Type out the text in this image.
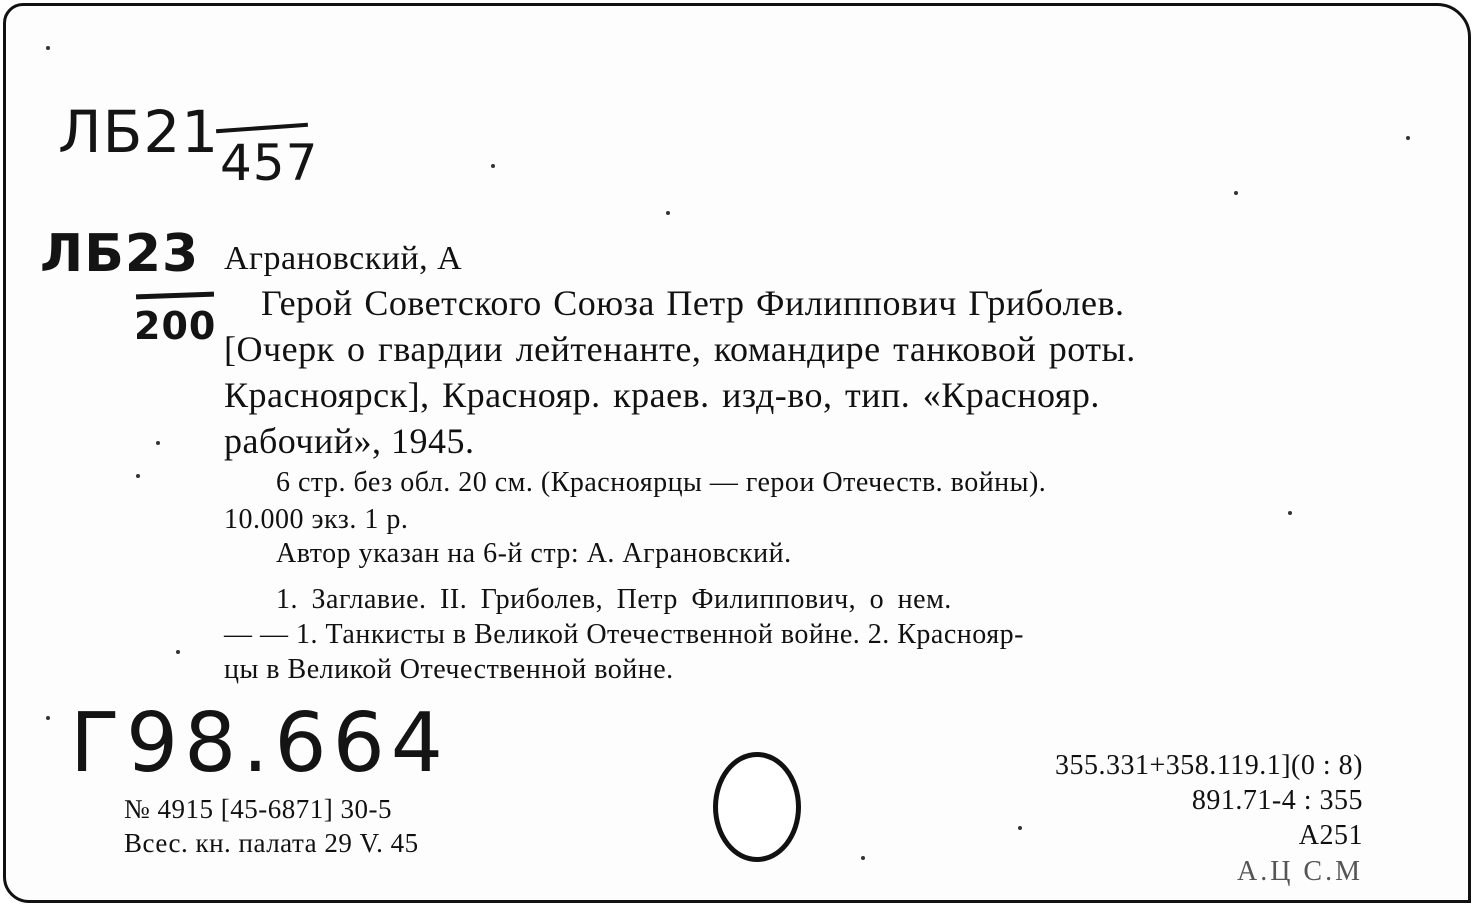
ЛБ21 457
ЛБ23
200
Аграновский, А
Герой Советского Союза Петр Филиппович Гриболев.
[Очерк о гвардии лейтенанте, командире танковой роты.
Красноярск], Краснояр. краев. изд-во, тип. «Краснояр.
рабочий», 1945.
6 стр. без обл. 20 см. (Красноярцы — герои Отечеств. войны).
10.000 экз. 1 р.
Автор указан на 6-й стр: А. Аграновский.
1. Заглавие. II. Гриболев, Петр Филиппович, о нем.
— — 1. Танкисты в Великой Отечественной войне. 2. Краснояр-
цы в Великой Отечественной войне.
Г98.664
№ 4915 [45-6871] 30-5
Всес. кн. палата 29 V. 45
355.331+358.119.1](0 : 8)
891.71-4 : 355
А251
А.Ц С.М
